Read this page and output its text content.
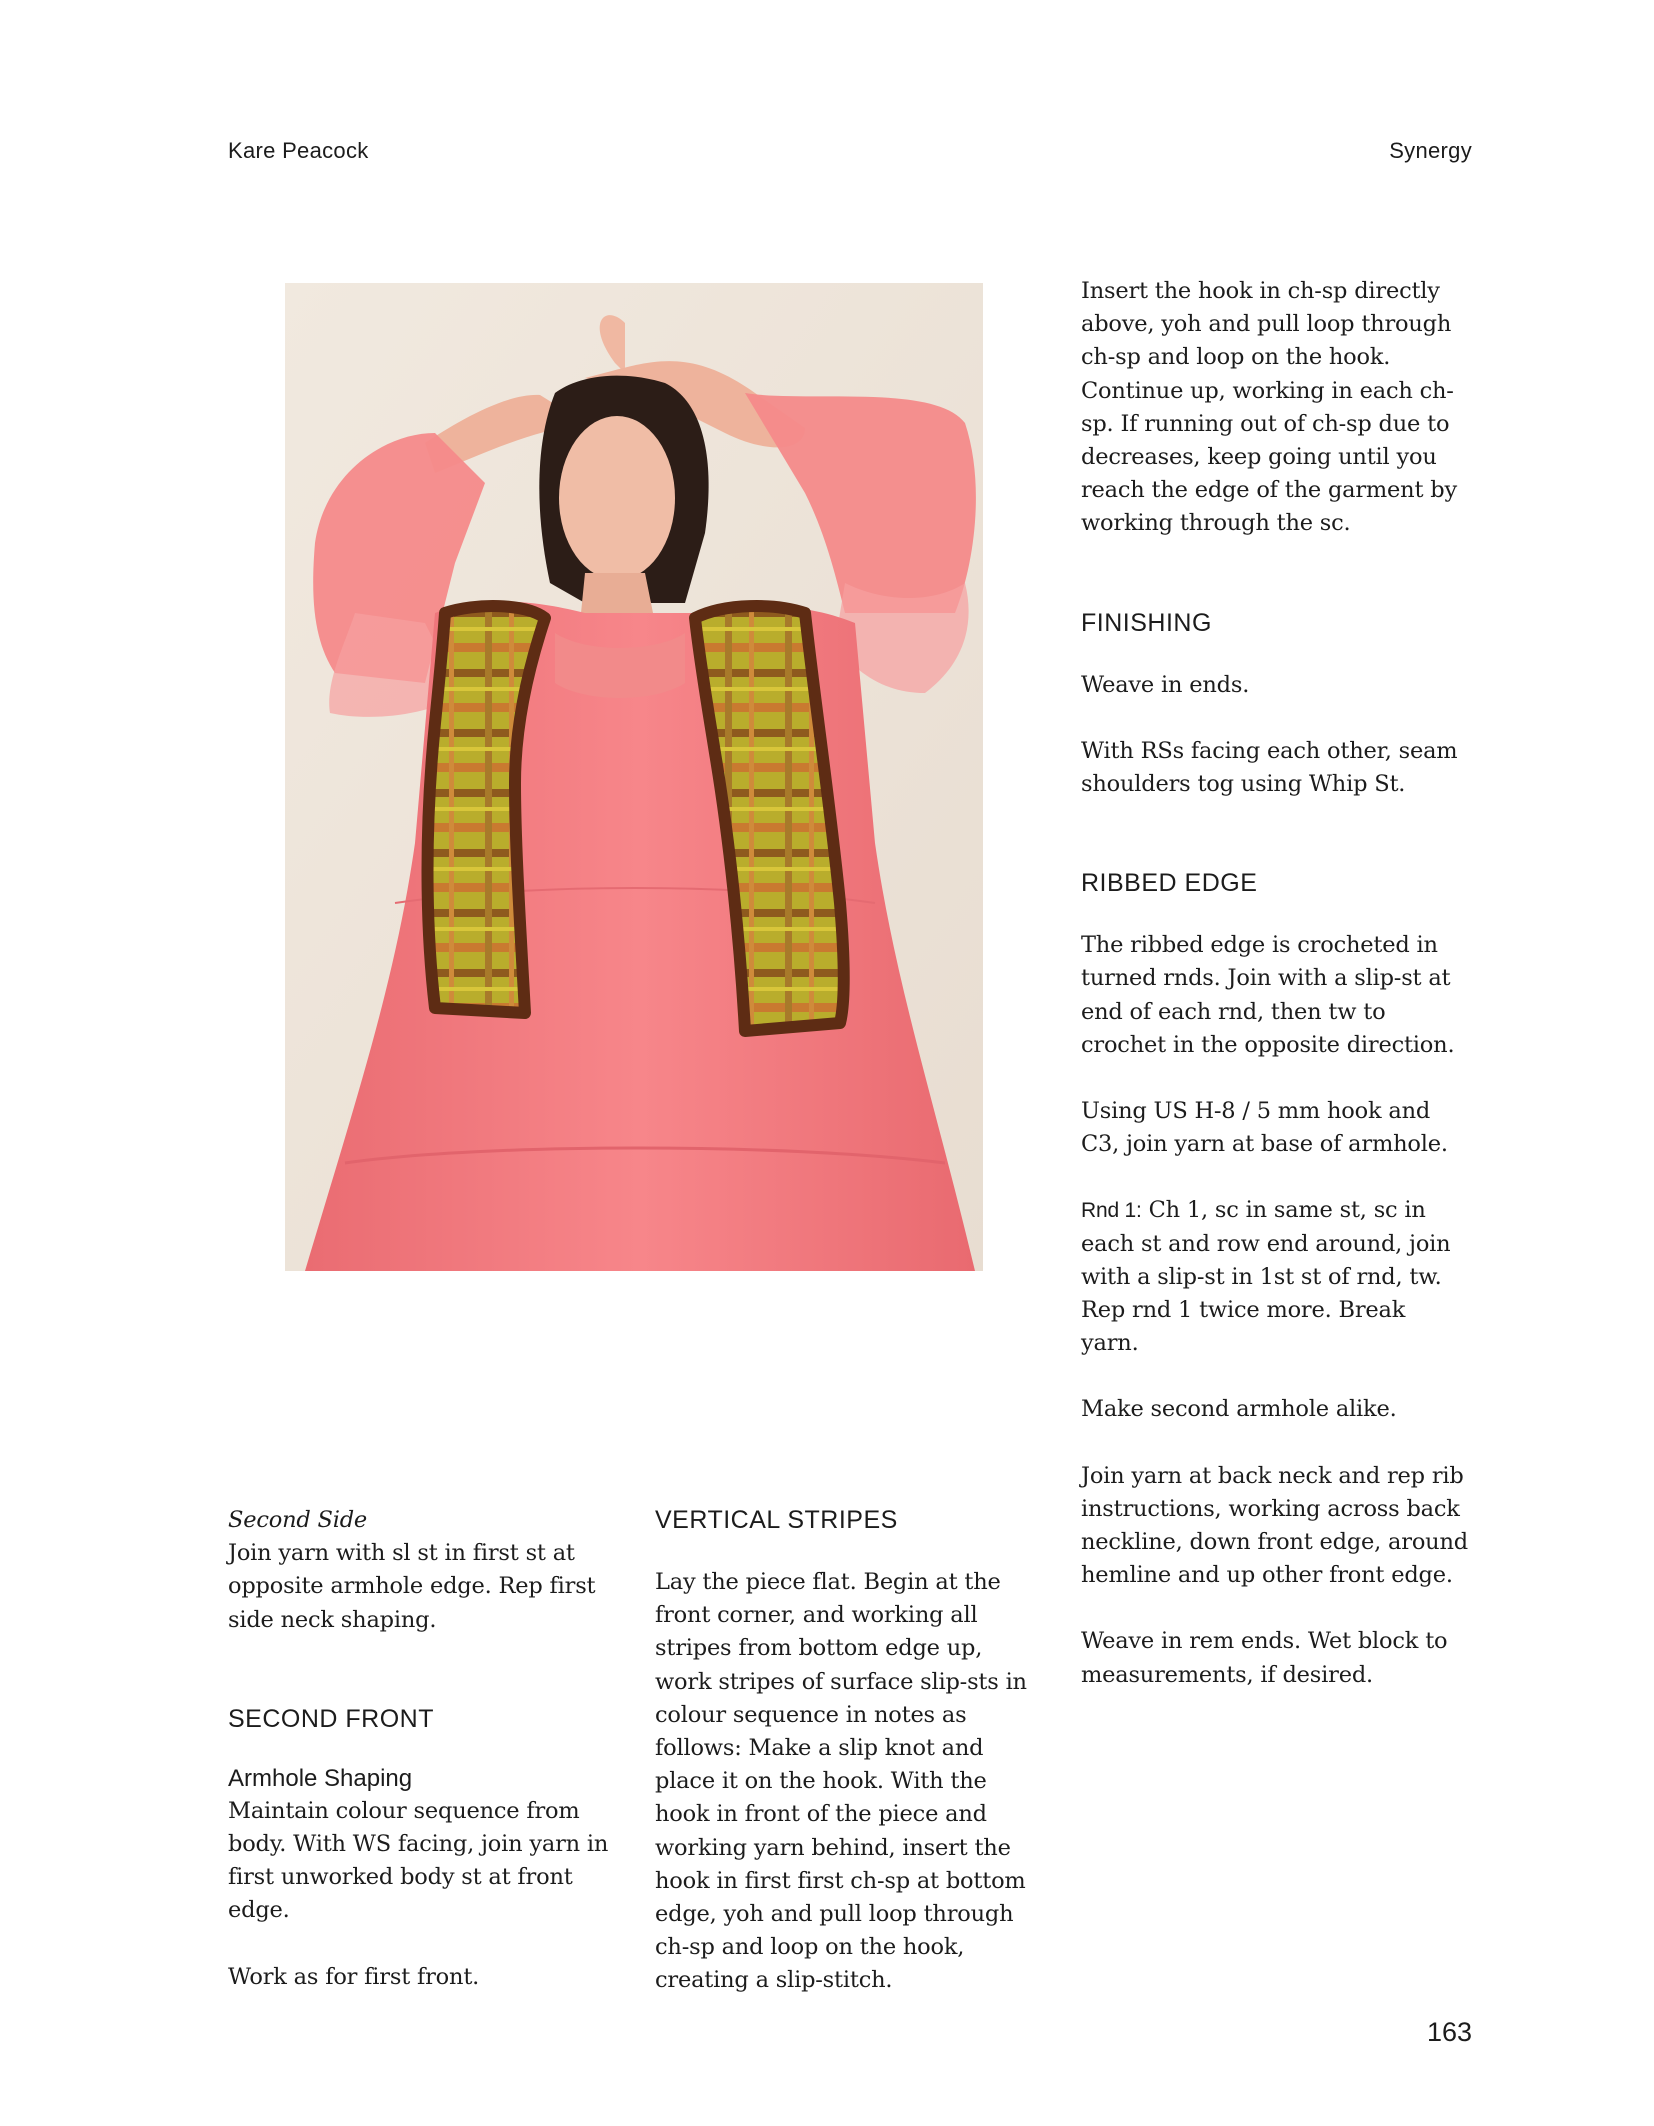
Kare Peacock	Synergy

Second Side

Join yarn with sl st in first st at opposite armhole edge. Rep first side neck shaping.

SECOND FRONT
Armhole Shaping

Maintain colour sequence from body. With WS facing, join yarn in first unworked body st at front edge.

Work as for first front.

VERTICAL STRIPES

Lay the piece flat. Begin at the front corner, and working all stripes from bottom edge up, work stripes of surface slip-sts in colour sequence in notes as follows: Make a slip knot and place it on the hook. With the hook in front of the piece and working yarn behind, insert the hook in first first ch-sp at bottom edge, yoh and pull loop through ch-sp and loop on the hook, creating a slip-stitch.

Insert the hook in ch-sp directly above, yoh and pull loop through ch-sp and loop on the hook. Continue up, working in each ch-sp. If running out of ch-sp due to decreases, keep going until you reach the edge of the garment by working through the sc.

FINISHING

Weave in ends.

With RSs facing each other, seam shoulders tog using Whip St.

RIBBED EDGE

The ribbed edge is crocheted in turned rnds. Join with a slip-st at end of each rnd, then tw to crochet in the opposite direction.

Using US H-8 / 5 mm hook and C3, join yarn at base of armhole.

Rnd 1: Ch 1, sc in same st, sc in each st and row end around, join with a slip-st in 1st st of rnd, tw.

Rep rnd 1 twice more. Break yarn.

Make second armhole alike.

Join yarn at back neck and rep rib instructions, working across back neckline, down front edge, around hemline and up other front edge.

Weave in rem ends. Wet block to measurements, if desired.

163
